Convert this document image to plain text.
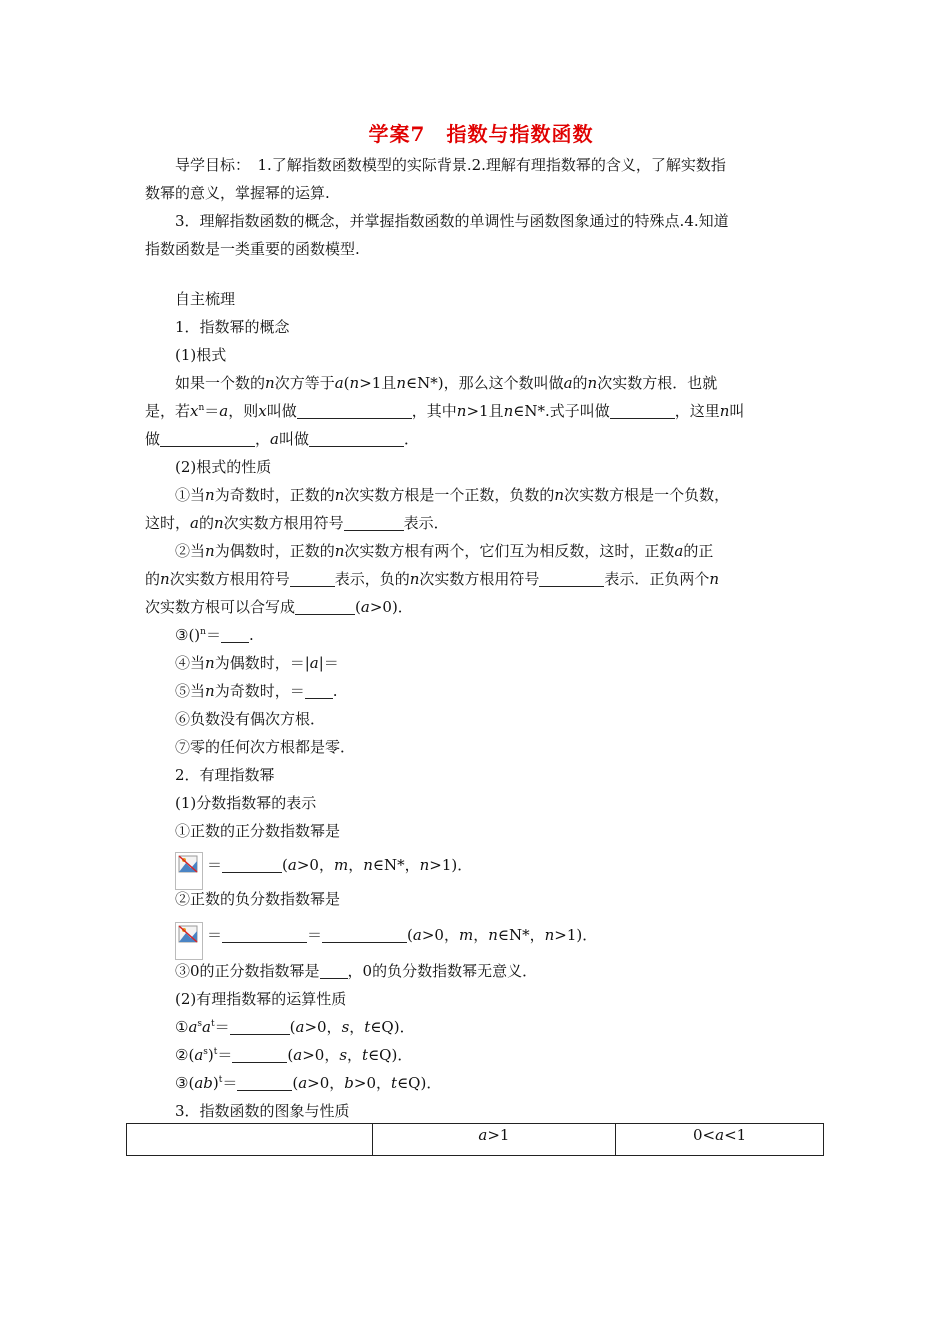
学案7　指数与指数函数

导学目标：　1.了解指数函数模型的实际背景.2.理解有理指数幂的含义，了解实数指

数幂的意义，掌握幂的运算.

3．理解指数函数的概念，并掌握指数函数的单调性与函数图象通过的特殊点.4.知道

指数函数是一类重要的函数模型.

自主梳理

1．指数幂的概念

(1)根式

如果一个数的n次方等于a(n>1且n∈N*)，那么这个数叫做a的n次实数方根．也就

是，若$x^n=a$，则x叫做	，其中n>1且n∈N*.式子叫做	，这里n叫

做	，a叫做	．

(2)根式的性质

①当n为奇数时，正数的n次实数方根是一个正数，负数的n次实数方根是一个负数，

这时，a的n次实数方根用符号	表示．

②当n为偶数时，正数的n次实数方根有两个，它们互为相反数，这时，正数a的正

的n次实数方根用符号	表示，负的n次实数方根用符号	表示．正负两个n

次实数方根可以合写成	(a>0)．

③()$^n$＝ .

④当n为偶数时，＝|a|＝

⑤当n为奇数时，＝ .

⑥负数没有偶次方根．

⑦零的任何次方根都是零．

2．有理指数幂

(1)分数指数幂的表示

①正数的正分数指数幂是

＝	(a>0，m，n∈N*，n>1)．

②正数的负分数指数幂是

＝	＝	(a>0，m，n∈N*，n>1)．

③0的正分数指数幂是 ，0的负分数指数幂无意义．

(2)有理指数幂的运算性质

$①a^sa^t=$	(a>0，s，t∈Q)．

$②(a^s)^t=$	(a>0，s，t∈Q)．

③(ab)$^t$＝	(a>0，b>0，t∈Q)．

3．指数函数的图象与性质

	a>1	0<a<1
